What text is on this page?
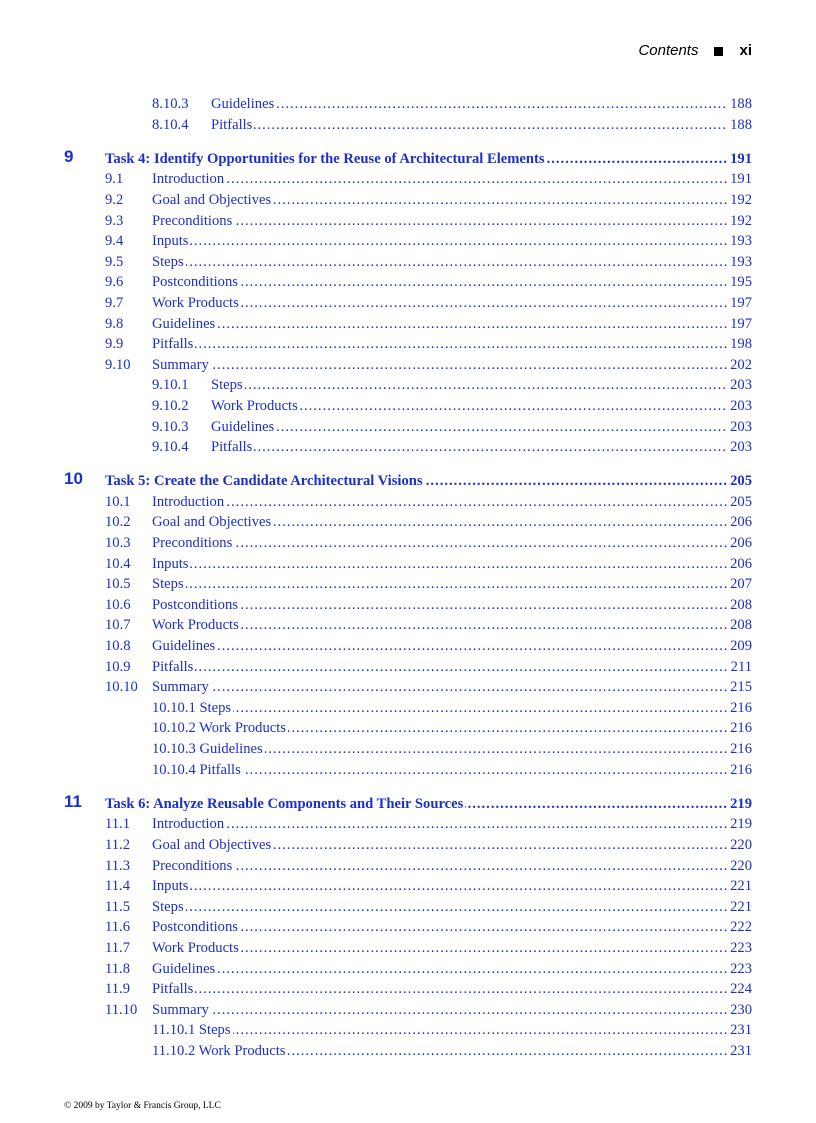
Contents	xi
8.10.3 ..... Guidelines	188
8.10.4 ..... Pitfalls	188
9 ..... Task 4: Identify Opportunities for the Reuse of Architectural Elements	191
9.1 ..... Introduction	191
9.2 ..... Goal and Objectives	192
9.3 ..... Preconditions	192
9.4 ..... Inputs	193
9.5 ..... Steps	193
9.6 ..... Postconditions	195
9.7 ..... Work Products	197
9.8 ..... Guidelines	197
9.9 ..... Pitfalls	198
9.10 ..... Summary	202
9.10.1 ..... Steps	203
9.10.2 ..... Work Products	203
9.10.3 ..... Guidelines	203
9.10.4 ..... Pitfalls	203
10 ..... Task 5: Create the Candidate Architectural Visions	205
10.1 ..... Introduction	205
10.2 ..... Goal and Objectives	206
10.3 ..... Preconditions	206
10.4 ..... Inputs	206
10.5 ..... Steps	207
10.6 ..... Postconditions	208
10.7 ..... Work Products	208
10.8 ..... Guidelines	209
10.9 ..... Pitfalls	211
10.10 ..... Summary	215
.....
10.10.1 Steps	216
.....
10.10.2 Work Products	216
.....
10.10.3 Guidelines	216
.....
10.10.4 Pitfalls	216
11 ..... Task 6: Analyze Reusable Components and Their Sources	219
11.1 ..... Introduction	219
11.2 ..... Goal and Objectives	220
11.3 ..... Preconditions	220
11.4 ..... Inputs	221
11.5 ..... Steps	221
11.6 ..... Postconditions	222
11.7 ..... Work Products	223
11.8 ..... Guidelines	223
11.9 ..... Pitfalls	224
11.10 ..... Summary	230
.....
11.10.1 Steps	231
.....
11.10.2 Work Products	231
© 2009 by Taylor & Francis Group, LLC
